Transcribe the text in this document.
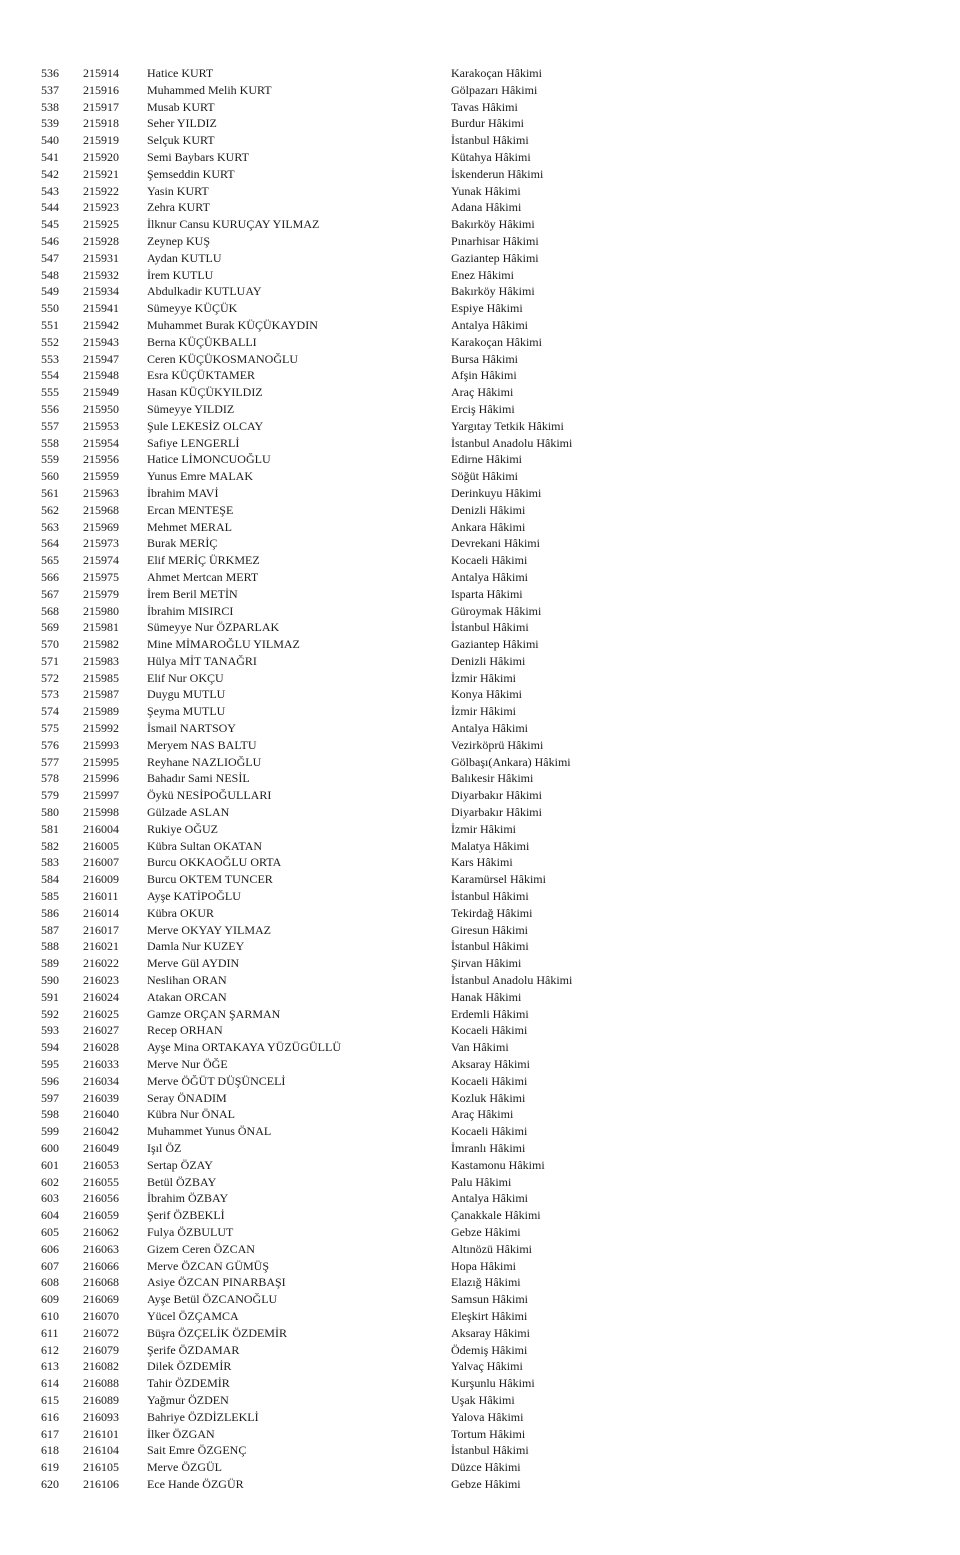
536 215914 Hatice KURT	Karakoçan Hâkimi
537 215916 Muhammed Melih KURT	Gölpazarı Hâkimi
538 215917 Musab KURT	Tavas Hâkimi
539 215918 Seher YILDIZ	Burdur Hâkimi
540 215919 Selçuk KURT	İstanbul Hâkimi
541 215920 Semi Baybars KURT	Kütahya Hâkimi
542 215921 Şemseddin KURT	İskenderun Hâkimi
543 215922 Yasin KURT	Yunak Hâkimi
544 215923 Zehra KURT	Adana Hâkimi
545 215925 İlknur Cansu KURUÇAY YILMAZ	Bakırköy Hâkimi
546 215928 Zeynep KUŞ	Pınarhisar Hâkimi
547 215931 Aydan KUTLU	Gaziantep Hâkimi
548 215932 İrem KUTLU	Enez Hâkimi
549 215934 Abdulkadir KUTLUAY	Bakırköy Hâkimi
550 215941 Sümeyye KÜÇÜK	Espiye Hâkimi
551 215942 Muhammet Burak KÜÇÜKAYDIN	Antalya Hâkimi
552 215943 Berna KÜÇÜKBALLI	Karakoçan Hâkimi
553 215947 Ceren KÜÇÜKOSMANOĞLU	Bursa Hâkimi
554 215948 Esra KÜÇÜKTAMER	Afşin Hâkimi
555 215949 Hasan KÜÇÜKYILDIZ	Araç Hâkimi
556 215950 Sümeyye YILDIZ	Erciş Hâkimi
557 215953 Şule LEKESİZ OLCAY	Yargıtay Tetkik Hâkimi
558 215954 Safiye LENGERLİ	İstanbul Anadolu Hâkimi
559 215956 Hatice LİMONCUOĞLU	Edirne Hâkimi
560 215959 Yunus Emre MALAK	Söğüt Hâkimi
561 215963 İbrahim MAVİ	Derinkuyu Hâkimi
562 215968 Ercan MENTEŞE	Denizli Hâkimi
563 215969 Mehmet MERAL	Ankara Hâkimi
564 215973 Burak MERİÇ	Devrekani Hâkimi
565 215974 Elif MERİÇ ÜRKMEZ	Kocaeli Hâkimi
566 215975 Ahmet Mertcan MERT	Antalya Hâkimi
567 215979 İrem Beril METİN	Isparta Hâkimi
568 215980 İbrahim MISIRCI	Güroymak Hâkimi
569 215981 Sümeyye Nur ÖZPARLAK	İstanbul Hâkimi
570 215982 Mine MİMAROĞLU YILMAZ	Gaziantep Hâkimi
571 215983 Hülya MİT TANAĞRI	Denizli Hâkimi
572 215985 Elif Nur OKÇU	İzmir Hâkimi
573 215987 Duygu MUTLU	Konya Hâkimi
574 215989 Şeyma MUTLU	İzmir Hâkimi
575 215992 İsmail NARTSOY	Antalya Hâkimi
576 215993 Meryem NAS BALTU	Vezirköprü Hâkimi
577 215995 Reyhane NAZLIOĞLU	Gölbaşı(Ankara) Hâkimi
578 215996 Bahadır Sami NESİL	Balıkesir Hâkimi
579 215997 Öykü NESİPOĞULLARI	Diyarbakır Hâkimi
580 215998 Gülzade ASLAN	Diyarbakır Hâkimi
581 216004 Rukiye OĞUZ	İzmir Hâkimi
582 216005 Kübra Sultan OKATAN	Malatya Hâkimi
583 216007 Burcu OKKAOĞLU ORTA	Kars Hâkimi
584 216009 Burcu OKTEM TUNCER	Karamürsel Hâkimi
585 216011 Ayşe KATİPOĞLU	İstanbul Hâkimi
586 216014 Kübra OKUR	Tekirdağ Hâkimi
587 216017 Merve OKYAY YILMAZ	Giresun Hâkimi
588 216021 Damla Nur KUZEY	İstanbul Hâkimi
589 216022 Merve Gül AYDIN	Şirvan Hâkimi
590 216023 Neslihan ORAN	İstanbul Anadolu Hâkimi
591 216024 Atakan ORCAN	Hanak Hâkimi
592 216025 Gamze ORÇAN ŞARMAN	Erdemli Hâkimi
593 216027 Recep ORHAN	Kocaeli Hâkimi
594 216028 Ayşe Mina ORTAKAYA YÜZÜGÜLLÜ	Van Hâkimi
595 216033 Merve Nur ÖĞE	Aksaray Hâkimi
596 216034 Merve ÖĞÜT DÜŞÜNCELİ	Kocaeli Hâkimi
597 216039 Seray ÖNADIM	Kozluk Hâkimi
598 216040 Kübra Nur ÖNAL	Araç Hâkimi
599 216042 Muhammet Yunus ÖNAL	Kocaeli Hâkimi
600 216049 Işıl ÖZ	İmranlı Hâkimi
601 216053 Sertap ÖZAY	Kastamonu Hâkimi
602 216055 Betül ÖZBAY	Palu Hâkimi
603 216056 İbrahim ÖZBAY	Antalya Hâkimi
604 216059 Şerif ÖZBEKLİ	Çanakkale Hâkimi
605 216062 Fulya ÖZBULUT	Gebze Hâkimi
606 216063 Gizem Ceren ÖZCAN	Altınözü Hâkimi
607 216066 Merve ÖZCAN GÜMÜŞ	Hopa Hâkimi
608 216068 Asiye ÖZCAN PINARBAŞI	Elazığ Hâkimi
609 216069 Ayşe Betül ÖZCANOĞLU	Samsun Hâkimi
610 216070 Yücel ÖZÇAMCA	Eleşkirt Hâkimi
611 216072 Büşra ÖZÇELİK ÖZDEMİR	Aksaray Hâkimi
612 216079 Şerife ÖZDAMAR	Ödemiş Hâkimi
613 216082 Dilek ÖZDEMİR	Yalvaç Hâkimi
614 216088 Tahir ÖZDEMİR	Kurşunlu Hâkimi
615 216089 Yağmur ÖZDEN	Uşak Hâkimi
616 216093 Bahriye ÖZDİZLEKLİ	Yalova Hâkimi
617 216101 İlker ÖZGAN	Tortum Hâkimi
618 216104 Sait Emre ÖZGENÇ	İstanbul Hâkimi
619 216105 Merve ÖZGÜL	Düzce Hâkimi
620 216106 Ece Hande ÖZGÜR	Gebze Hâkimi
